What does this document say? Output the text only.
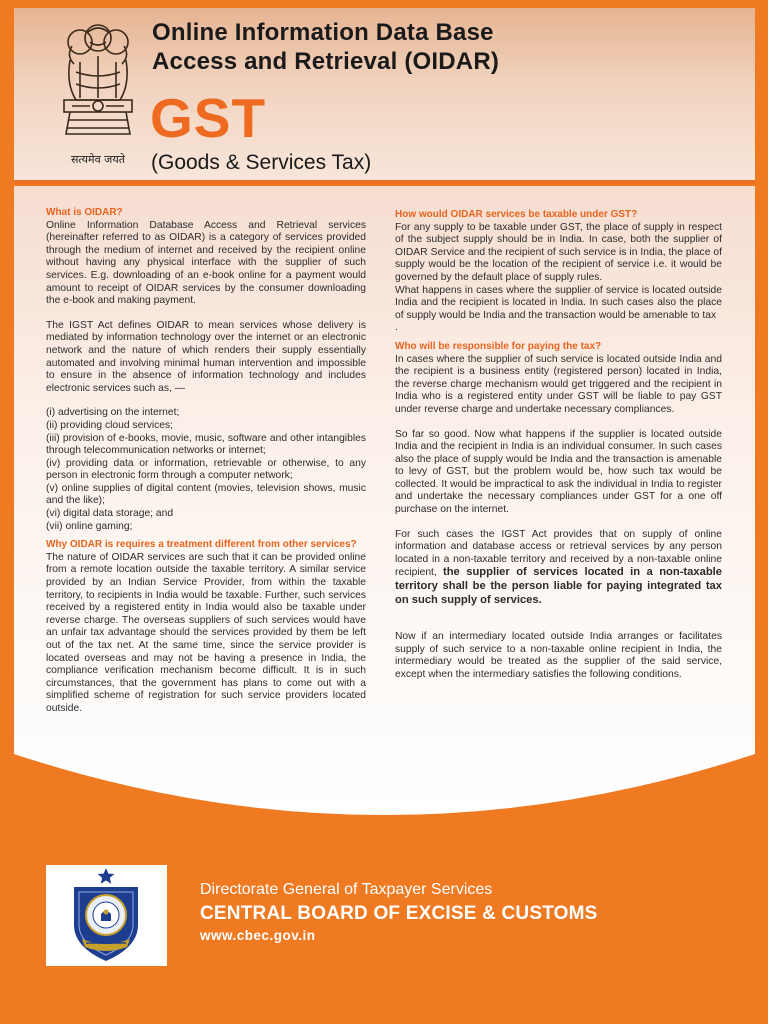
सत्यमेव जयते
Online Information Data Base
Access and Retrieval (OIDAR)
GST
(Goods & Services Tax)
What is OIDAR?

Online Information Database Access and Retrieval services (hereinafter referred to as OIDAR) is a category of services provided through the medium of internet and received by the recipient online without having any physical interface with the supplier of such services. E.g. downloading of an e-book online for a payment would amount to receipt of OIDAR services by the consumer downloading the e-book and making payment.

The IGST Act defines OIDAR to mean services whose delivery is mediated by information technology over the internet or an electronic network and the nature of which renders their supply essentially automated and involving minimal human intervention and impossible to ensure in the absence of information technology and includes electronic services such as, —

(i) advertising on the internet;
(ii) providing cloud services;
(iii) provision of e-books, movie, music, software and other intangibles through telecommunication networks or internet;
(iv) providing data or information, retrievable or otherwise, to any person in electronic form through a computer network;
(v) online supplies of digital content (movies, television shows, music and the like);
(vi) digital data storage; and
(vii) online gaming;
Why OIDAR is requires a treatment different from other services?

The nature of OIDAR services are such that it can be provided online from a remote location outside the taxable territory. A similar service provided by an Indian Service Provider, from within the taxable territory, to recipients in India would be taxable. Further, such services received by a registered entity in India would also be taxable under reverse charge. The overseas suppliers of such services would have an unfair tax advantage should the services provided by them be left out of the tax net. At the same time, since the service provider is located overseas and may not be having a presence in India, the compliance verification mechanism become difficult. It is in such circumstances, that the government has plans to come out with a simplified scheme of registration for such service providers located outside.

How would OIDAR services be taxable under GST?

For any supply to be taxable under GST, the place of supply in respect of the subject supply should be in India. In case, both the supplier of OIDAR Service and the recipient of such service is in India, the place of supply would be the location of the recipient of service i.e. it would be governed by the default place of supply rules.

What happens in cases where the supplier of service is located outside India and the recipient is located in India. In such cases also the place of supply would be India and the transaction would be amenable to tax

.

Who will be responsible for paying the tax?

In cases where the supplier of such service is located outside India and the recipient is a business entity (registered person) located in India, the reverse charge mechanism would get triggered and the recipient in India who is a registered entity under GST will be liable to pay GST under reverse charge and undertake necessary compliances.

So far so good. Now what happens if the supplier is located outside India and the recipient in India is an individual consumer. In such cases also the place of supply would be India and the transaction is amenable to levy of GST, but the problem would be, how such tax would be collected. It would be impractical to ask the individual in India to register and undertake the necessary compliances under GST for a one off purchase on the internet.

For such cases the IGST Act provides that on supply of online information and database access or retrieval services by any person located in a non-taxable territory and received by a non-taxable online recipient, the supplier of services located in a non-taxable territory shall be the person liable for paying integrated tax on such supply of services.

Now if an intermediary located outside India arranges or facilitates supply of such service to a non-taxable online recipient in India, the intermediary would be treated as the supplier of the said service, except when the intermediary satisfies the following conditions.

Directorate General of Taxpayer Services
CENTRAL BOARD OF EXCISE & CUSTOMS
www.cbec.gov.in
